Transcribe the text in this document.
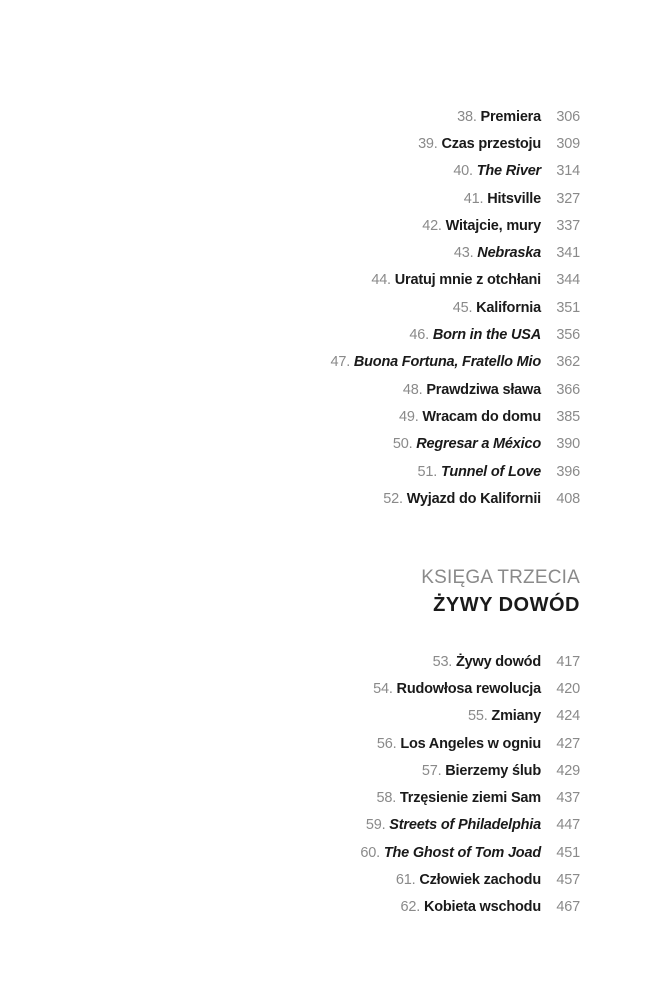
38. Premiera 306
39. Czas przestoju 309
40. The River 314
41. Hitsville 327
42. Witajcie, mury 337
43. Nebraska 341
44. Uratuj mnie z otchłani 344
45. Kalifornia 351
46. Born in the USA 356
47. Buona Fortuna, Fratello Mio 362
48. Prawdziwa sława 366
49. Wracam do domu 385
50. Regresar a México 390
51. Tunnel of Love 396
52. Wyjazd do Kalifornii 408
KSIĘGA TRZECIA
ŻYWY DOWÓD
53. Żywy dowód 417
54. Rudowłosa rewolucja 420
55. Zmiany 424
56. Los Angeles w ogniu 427
57. Bierzemy ślub 429
58. Trzęsienie ziemi Sam 437
59. Streets of Philadelphia 447
60. The Ghost of Tom Joad 451
61. Człowiek zachodu 457
62. Kobieta wschodu 467
